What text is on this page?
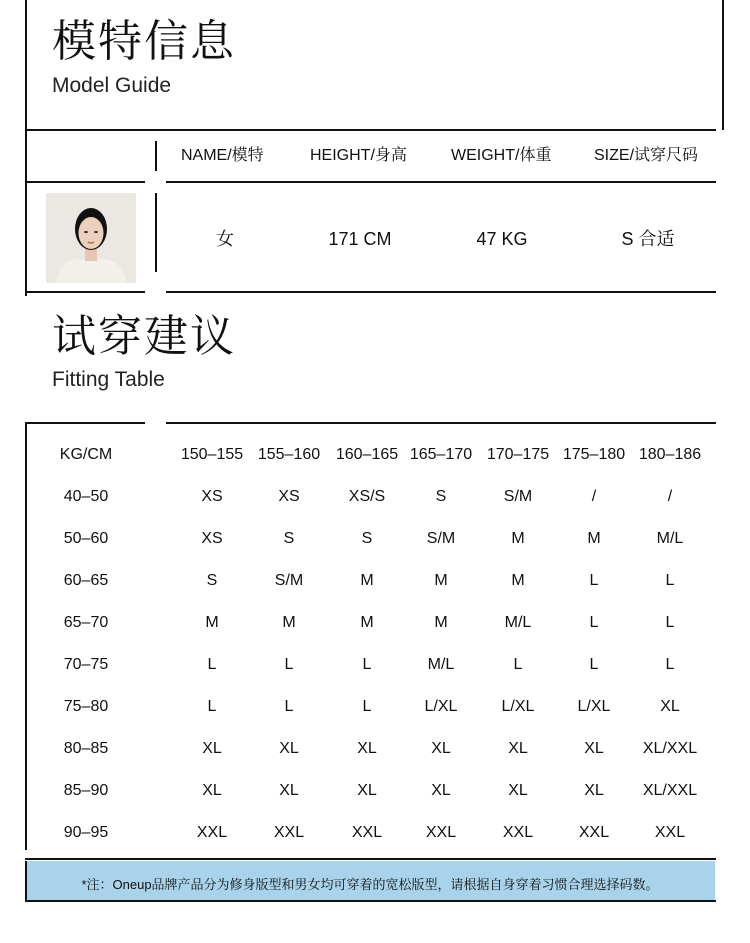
模特信息
Model Guide
NAME/模特	HEIGHT/身高	WEIGHT/体重	SIZE/试穿尺码
女	171 CM	47 KG	S 合适
试穿建议
Fitting Table
KG/CM	150–155 155–160 160–165 165–170 170–175 175–180 180–186
40–50	XS	XS	XS/S	S	S/M	/	/
50–60	XS	S	S	S/M	M	M	M/L
60–65	S	S/M	M	M	M	L	L
65–70	M	M	M	M	M/L	L	L
70–75	L	L	L	M/L	L	L	L
75–80	L	L	L	L/XL	L/XL	L/XL	XL
80–85	XL	XL	XL	XL	XL	XL	XL/XXL
85–90	XL	XL	XL	XL	XL	XL	XL/XXL
90–95	XXL	XXL	XXL	XXL	XXL	XXL	XXL
*注：Oneup品牌产品分为修身版型和男女均可穿着的宽松版型，请根据自身穿着习惯合理选择码数。
